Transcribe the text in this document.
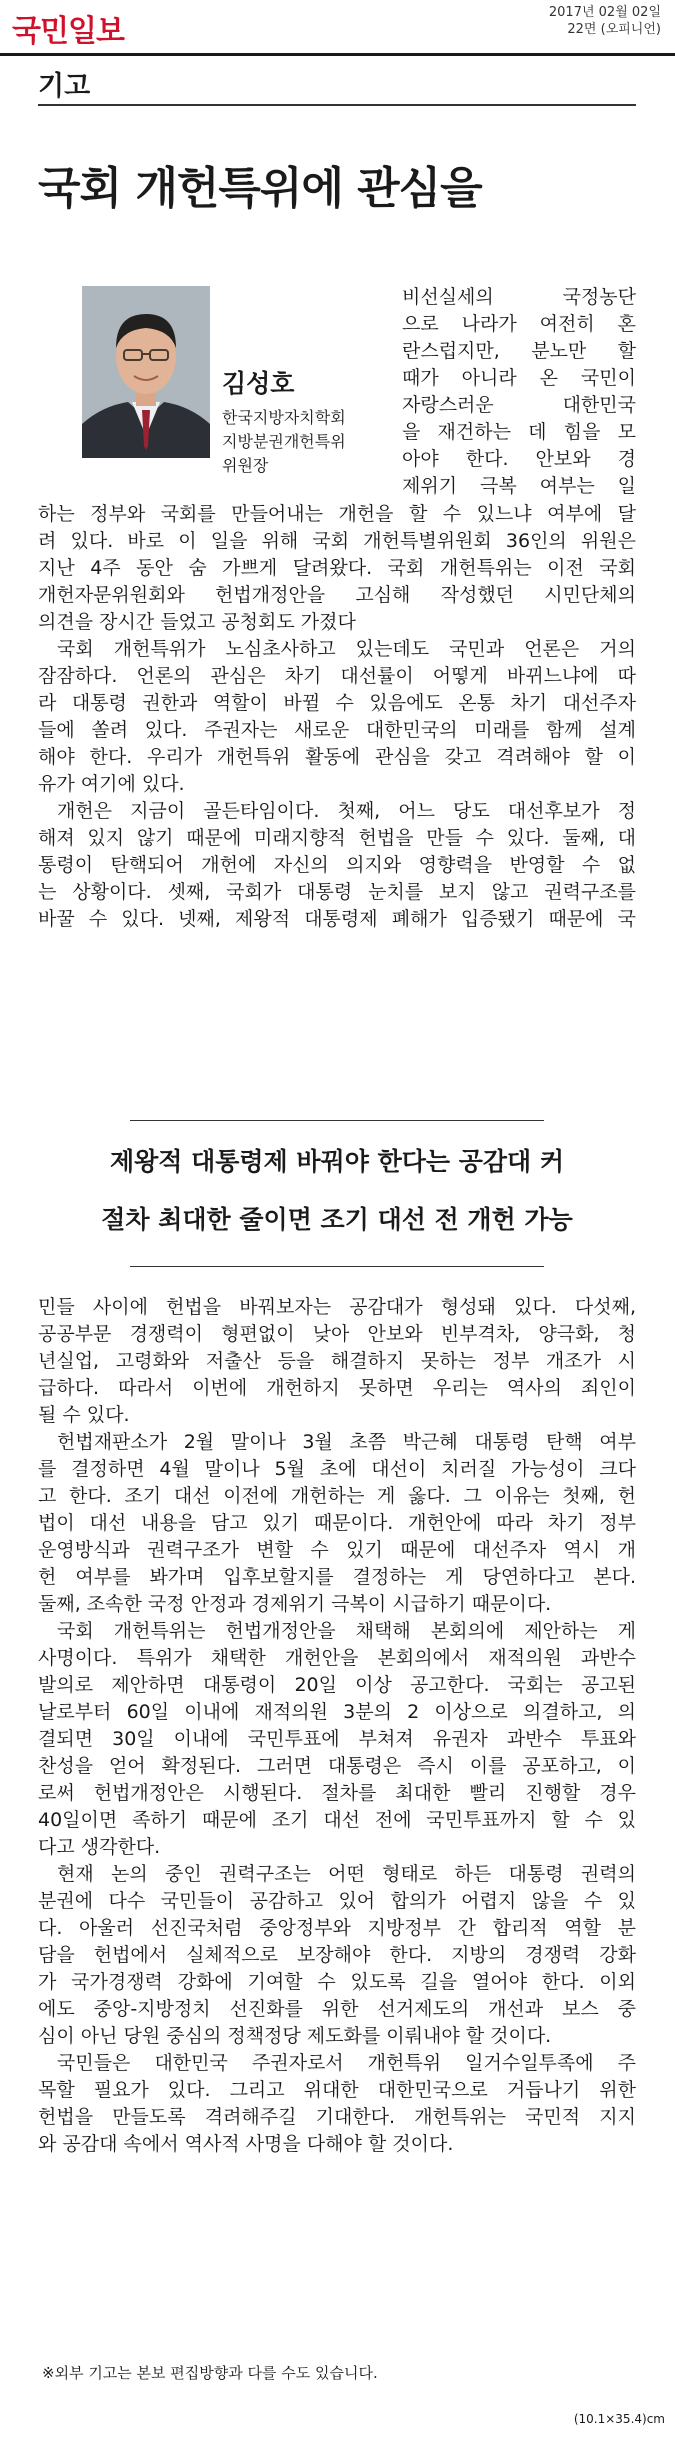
국민일보
2017년 02월 02일
22면 (오피니언)
기고
국회 개헌특위에 관심을
김성호
한국지방자치학회
지방분권개헌특위
위원장
비선실세의 국정농단
으로 나라가 여전히 혼
란스럽지만, 분노만 할
때가 아니라 온 국민이
자랑스러운 대한민국
을 재건하는 데 힘을 모
아야 한다. 안보와 경
제위기 극복 여부는 일
하는 정부와 국회를 만들어내는 개헌을 할 수 있느냐 여부에 달
려 있다. 바로 이 일을 위해 국회 개헌특별위원회 36인의 위원은
지난 4주 동안 숨 가쁘게 달려왔다. 국회 개헌특위는 이전 국회
개헌자문위원회와 헌법개정안을 고심해 작성했던 시민단체의
의견을 장시간 들었고 공청회도 가졌다
국회 개헌특위가 노심초사하고 있는데도 국민과 언론은 거의
잠잠하다. 언론의 관심은 차기 대선률이 어떻게 바뀌느냐에 따
라 대통령 권한과 역할이 바뀔 수 있음에도 온통 차기 대선주자
들에 쏠려 있다. 주권자는 새로운 대한민국의 미래를 함께 설계
해야 한다. 우리가 개헌특위 활동에 관심을 갖고 격려해야 할 이
유가 여기에 있다.
개헌은 지금이 골든타임이다. 첫째, 어느 당도 대선후보가 정
해져 있지 않기 때문에 미래지향적 헌법을 만들 수 있다. 둘째, 대
통령이 탄핵되어 개헌에 자신의 의지와 영향력을 반영할 수 없
는 상황이다. 셋째, 국회가 대통령 눈치를 보지 않고 권력구조를
바꿀 수 있다. 넷째, 제왕적 대통령제 폐해가 입증됐기 때문에 국
제왕적 대통령제 바꿔야 한다는 공감대 커
절차 최대한 줄이면 조기 대선 전 개헌 가능
민들 사이에 헌법을 바꿔보자는 공감대가 형성돼 있다. 다섯째,
공공부문 경쟁력이 형편없이 낮아 안보와 빈부격차, 양극화, 청
년실업, 고령화와 저출산 등을 해결하지 못하는 정부 개조가 시
급하다. 따라서 이번에 개헌하지 못하면 우리는 역사의 죄인이
될 수 있다.
헌법재판소가 2월 말이나 3월 초쯤 박근혜 대통령 탄핵 여부
를 결정하면 4월 말이나 5월 초에 대선이 치러질 가능성이 크다
고 한다. 조기 대선 이전에 개헌하는 게 옳다. 그 이유는 첫째, 헌
법이 대선 내용을 담고 있기 때문이다. 개헌안에 따라 차기 정부
운영방식과 권력구조가 변할 수 있기 때문에 대선주자 역시 개
헌 여부를 봐가며 입후보할지를 결정하는 게 당연하다고 본다.
둘째, 조속한 국정 안정과 경제위기 극복이 시급하기 때문이다.
국회 개헌특위는 헌법개정안을 채택해 본회의에 제안하는 게
사명이다. 특위가 채택한 개헌안을 본회의에서 재적의원 과반수
발의로 제안하면 대통령이 20일 이상 공고한다. 국회는 공고된
날로부터 60일 이내에 재적의원 3분의 2 이상으로 의결하고, 의
결되면 30일 이내에 국민투표에 부쳐져 유권자 과반수 투표와
찬성을 얻어 확정된다. 그러면 대통령은 즉시 이를 공포하고, 이
로써 헌법개정안은 시행된다. 절차를 최대한 빨리 진행할 경우
40일이면 족하기 때문에 조기 대선 전에 국민투표까지 할 수 있
다고 생각한다.
현재 논의 중인 권력구조는 어떤 형태로 하든 대통령 권력의
분권에 다수 국민들이 공감하고 있어 합의가 어렵지 않을 수 있
다. 아울러 선진국처럼 중앙정부와 지방정부 간 합리적 역할 분
담을 헌법에서 실체적으로 보장해야 한다. 지방의 경쟁력 강화
가 국가경쟁력 강화에 기여할 수 있도록 길을 열어야 한다. 이외
에도 중앙-지방정치 선진화를 위한 선거제도의 개선과 보스 중
심이 아닌 당원 중심의 정책정당 제도화를 이뤄내야 할 것이다.
국민들은 대한민국 주권자로서 개헌특위 일거수일투족에 주
목할 필요가 있다. 그리고 위대한 대한민국으로 거듭나기 위한
헌법을 만들도록 격려해주길 기대한다. 개헌특위는 국민적 지지
와 공감대 속에서 역사적 사명을 다해야 할 것이다.
※외부 기고는 본보 편집방향과 다를 수도 있습니다.
(10.1×35.4)cm
